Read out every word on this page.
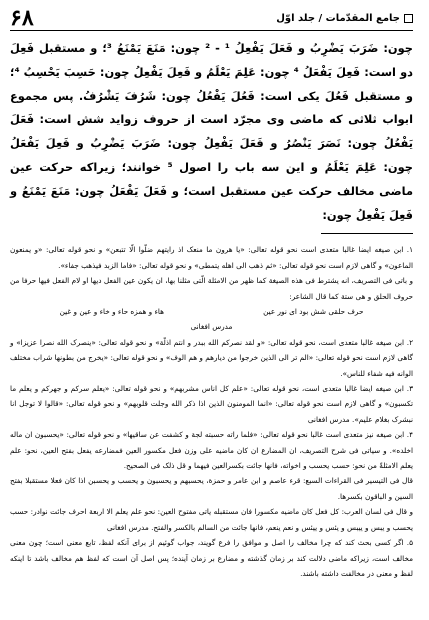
جامع المقدّمات / جلد اوّل
۶۸

چون: ضَرَبَ یَضْرِبُ و فَعَلَ یَفْعِلُ ¹ - ² چون: مَنَعَ یَمْنَعُ ³؛ و مستقبل فَعِلَ دو است: فَعِلَ یَفْعَلُ ⁴ چون: عَلِمَ یَعْلَمُ و فَعِلَ یَفْعِلُ چون: حَسِبَ یَحْسِبُ ⁴؛ و مستقبل فَعُلَ یکی است: فَعُلَ یَفْعُلُ چون: شَرُفَ یَشْرُفُ. پس مجموع ابواب ثلاثی که ماضی وی مجرّد است از حروف زواید شش است: فَعَلَ یَفْعُلُ چون: نَصَرَ یَنْصُرُ و فَعَلَ یَفْعِلُ چون: ضَرَبَ یَضْرِبُ و فَعِلَ یَفْعَلُ چون: عَلِمَ یَعْلَمُ و این سه باب را اصول ⁵ خوانند؛ زیراکه حرکت عین ماضی مخالف حرکت عین مستقبل است؛ و فَعَلَ یَفْعَلُ چون: مَنَعَ یَمْنَعُ و فَعِلَ یَفْعِلُ چون:

١. ابن صیغه ایضا غالبا متعدی است نحو قوله تعالی: «یا هرون ما منعک اذ رایتهم ضلّوا الّا تتبعن» و نحو قوله تعالی: «و یمنعون الماعون» و گاهی لازم است نحو قوله تعالی: «ثم ذهب الی اهله یتمطی» و نحو قوله تعالی: «فاما الزبد فیذهب جفاء».

و باتی فی التصریف، انه یشترط فی هذه الصیغة کما ظهر من الامثلة الّتی مثلنا بها، ان یکون عین الفعل دیها او لام الفعل فیها حرفا من حروف الحلق و هی ستة کما قال الشاعر:

حرف حلقی شش بود ای نور عین
هاء و همزه حاء و خاء و عین و غین

مدرس افغانی

٢. ابن صیغه غالبا متعدی است، نحو قوله تعالی: «و لقد نصرکم الله ببدر و انتم اذلّة» و نحو قوله تعالی: «ینصرک الله نصرا عزیزا» و گاهی لازم است نحو قوله تعالی: «الم تر الی الذین خرجوا من دیارهم و هم الوف» و نحو قوله تعالی: «یخرج من بطونها شراب مختلف الوانه فیه شفاء للناس».

٣. ابن صیغه ایضا غالبا متعدی است، نحو قوله تعالی: «علم کل اناس مشربهم» و نحو قوله تعالی: «یعلم سرکم و جهرکم و یعلم ما تکسبون» و گاهی لازم است نحو قوله تعالی: «انما المومنون الذین اذا ذکر الله وجلت قلوبهم» و نحو قوله تعالی: «قالوا لا توجل انا نبشرک بغلام علیم». مدرس افغانی

۴. ابن صیغه نیز متعدی است غالبا نحو قوله تعالی: «فلما راته حسبته لجة و کشفت عن ساقیها» و نحو قوله تعالی: «یحسبون ان ماله اخلده». و سیاتی فی شرح التصریف، ان المضارع ان کان ماضیه علی وزن فعل مکسور العین فمضارعه یفعل بفتح العین، نحو: علم یعلم الامثلةً من نحو: حسب یحسب و اخواته، فانها جائت بکسرالعین فیهما و قل ذلک فی الصحیح.

قال فی التیسیر فی القراءات السبع: قرء عاصم و ابن عامر و حمزة، یحسبهم و یحسبون و یحسب و یحسبن اذا کان فعلا مستقبلا بفتح السین و الباقون بکسرها.

و قال فی لسان العرب: کل فعل کان ماضیه مکسورا فان مستقبله یاتی مفتوح العین: نحو علم یعلم الا اربعة احرف جائت نوادر: حسب یحسب و یبس و ییبس و یئس و ییئس و نعم ینعم، فانها جائت من السالم بالکسر والفتح. مدرس افغانی

۵. اگر کسی بحث کند که چرا مخالف را اصل و موافق را فرع گویند، جواب گوئیم از برای آنکه لفظ، تابع معنی است؛ چون معنی مخالف است، زیراکه ماضی دلالت کند بر زمان گذشته و مضارع بر زمان آینده؛ پس اصل آن است که لفظ هم مخالف باشد تا اینکه لفظ و معنی در مخالفت داشته باشند.
